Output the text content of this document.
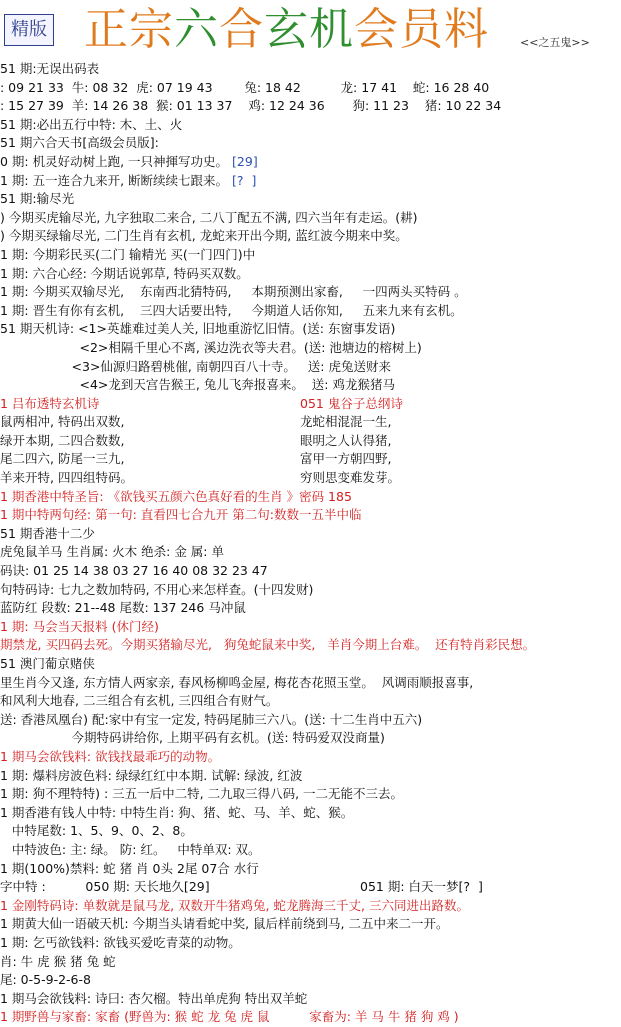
精版 正宗六合玄机会员料	<<之五鬼>>
51 期:无误出码表
: 09 21 33  牛: 08 32  虎: 07 19 43        兔: 18 42          龙: 17 41    蛇: 16 28 40
: 15 27 39  羊: 14 26 38  猴: 01 13 37    鸡: 12 24 36       狗: 11 23    猪: 10 22 34
51 期:必出五行中特: 木、土、火
51 期六合天书[高级会员版]:
0 期: 机灵好动树上跑, 一只神揮写功史。 [29]
1 期: 五一连合九来开, 断断续续七跟来。 [?  ]
51 期:输尽光
) 今期买虎输尽光, 九字独取二来合, 二八丁配五不满, 四六当年有走运。(耕)
) 今期买绿输尽光, 二门生肖有玄机, 龙蛇来开出今期, 蓝红波今期来中奖。
1 期: 今期彩民买(二门 输精光 买(一门四门)中
1 期: 六合心经: 今期话说郭草, 特码买双数。
1 期: 今期买双输尽光,    东南西北猜特码,     本期预测出家畜,     一四两头买特码 。
1 期: 晋生有你有玄机,    三四大话要出特,     今期道人话你知,     五来九来有玄机。
51 期天机诗: <1>英雄难过美人关, 旧地重游忆旧情。(送: 东窗事发语)
<2>相隔千里心不离, 溪边洗衣等夫君。(送: 池塘边的榕树上)
<3>仙源归路碧桃催, 南朝四百八十寺。   送: 虎兔送财来
<4>龙到天宫告猴王, 兔儿飞奔报喜来。  送: 鸡龙猴猪马
1 吕布透特玄机诗	051 鬼谷子总纲诗
鼠两相冲, 特码出双数,	龙蛇相混混一生,
绿开本期, 二四合数数,	眼明之人认得猪,
尾二四六, 防尾一三九,	富甲一方朝四野,
羊来开特, 四四组特码。	穷则思变难发芽。
1 期香港中特圣旨: 《欲钱买五颜六色真好看的生肖 》密码 185
1 期中特两句经: 第一句: 直看四七合九开 第二句:数数一五半中临
51 期香港十二少
虎兔鼠羊马 生肖属: 火木 绝杀: 金 属: 单
码诀: 01 25 14 38 03 27 16 40 08 32 23 47
句特码诗: 七九之数加特码, 不用心来怎样查。(十四发财)
蓝防红 段数: 21--48 尾数: 137 246 马冲鼠
1 期: 马会当天报料 (休门经)
期禁龙, 买四码去死。今期买猪输尽光,   狗兔蛇鼠来中奖,   羊肖今期上台难。  还有特肖彩民想。
51 澳门葡京赌侠
里生肖今又逢, 东方情人两家亲, 春风杨柳鸣金屋, 梅花杏花照玉堂。  风调雨顺报喜事,
和风利大地春, 二三组合有玄机, 三四组合有财气。
送: 香港凤凰台) 配:家中有宝一定发, 特码尾肺三六八。(送: 十二生肖中五六)
今期特码讲给你, 上期平码有玄机。(送: 特码爱双没商量)
1 期马会欲钱料: 欲钱找最乖巧的动物。
1 期: 爆料房波色料: 绿绿红红中本期. 试解: 绿波, 红波
1 期: 狗不理特特) : 三五一后中二特, 二九取三得八码, 一二无能不三去。
1 期香港有钱人中特: 中特生肖: 狗、猪、蛇、马、羊、蛇、猴。
中特尾数: 1、5、9、0、2、8。
中特波色: 主: 绿。 防: 红。   中特单双: 双。
1 期(100%)禁料: 蛇 猪 肖 0头 2尾 07合 水行
字中特 :          050 期: 天长地久[29]	051 期: 白天一梦[?  ]
1 金刚特码诗: 单数就是鼠马龙, 双数开牛猪鸡兔, 蛇龙腾海三千丈, 三六同进出路数。
1 期黄大仙一语破天机: 今期当头请看蛇中奖, 鼠后样前绕到马, 二五中来二一开。
1 期: 乞丐欲钱料: 欲钱买爱吃青菜的动物。
肖: 牛 虎 猴 猪 兔 蛇
尾: 0-5-9-2-6-8
1 期马会欲钱料: 诗曰: 杏欠榴。特出单虎狗 特出双羊蛇
1 期野兽与家畜: 家畜 (野兽为: 猴 蛇 龙 兔 虎 鼠          家畜为: 羊 马 牛 猪 狗 鸡 )
